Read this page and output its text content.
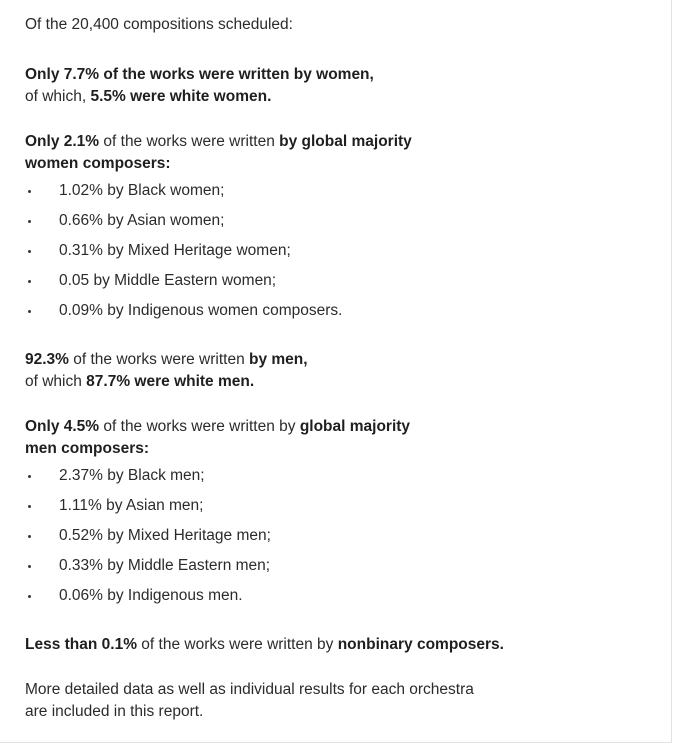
Of the 20,400 compositions scheduled:

Only 7.7% of the works were written by women,

of which, 5.5% were white women.

Only 2.1% of the works were written by global majority

women composers:

1.02% by Black women;
0.66% by Asian women;
0.31% by Mixed Heritage women;
0.05 by Middle Eastern women;
0.09% by Indigenous women composers.

92.3% of the works were written by men,

of which 87.7% were white men.

Only 4.5% of the works were written by global majority

men composers:

2.37% by Black men;
1.11% by Asian men;
0.52% by Mixed Heritage men;
0.33% by Middle Eastern men;
0.06% by Indigenous men.

Less than 0.1% of the works were written by nonbinary composers.

More detailed data as well as individual results for each orchestra

are included in this report.
